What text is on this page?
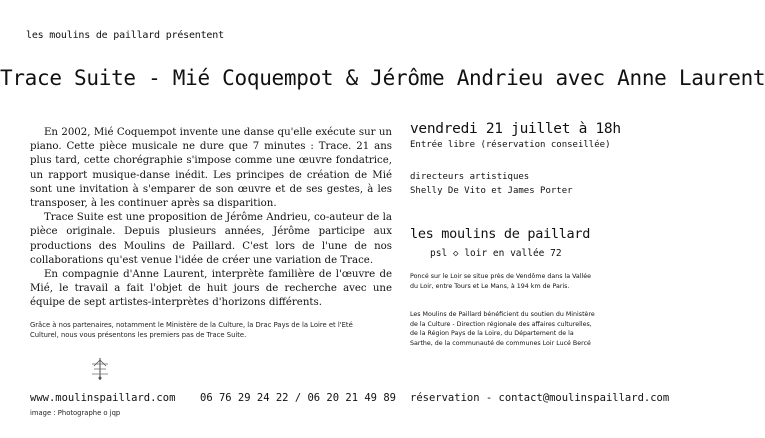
les moulins de paillard présentent
Trace Suite - Mié Coquempot & Jérôme Andrieu avec Anne Laurent

En 2002, Mié Coquempot invente une danse qu'elle exécute sur un piano. Cette pièce musicale ne dure que 7 minutes : Trace. 21 ans plus tard, cette chorégraphie s'impose comme une œuvre fondatrice, un rapport musique-danse inédit. Les principes de création de Mié sont une invitation à s'emparer de son œuvre et de ses gestes, à les transposer, à les continuer après sa disparition.

Trace Suite est une proposition de Jérôme Andrieu, co-auteur de la pièce originale. Depuis plusieurs années, Jérôme participe aux productions des Moulins de Paillard. C'est lors de l'une de nos collaborations qu'est venue l'idée de créer une variation de Trace.

En compagnie d'Anne Laurent, interprète familière de l'œuvre de Mié, le travail a fait l'objet de huit jours de recherche avec une équipe de sept artistes-interprètes d'horizons différents.

Grâce à nos partenaires, notamment le Ministère de la Culture, la Drac Pays de la Loire et l'Eté Culturel, nous vous présentons les premiers pas de Trace Suite.
www.moulinspaillard.com 06 76 29 24 22 / 06 20 21 49 89 réservation - contact@moulinspaillard.com
image : Photographe o jqp
vendredi 21 juillet à 18h
Entrée libre (réservation conseillée)
directeurs artistiques
Shelly De Vito et James Porter
les moulins de paillard
psl ◇ loir en vallée 72
Poncé sur le Loir se situe près de Vendôme dans la Vallée du Loir, entre Tours et Le Mans, à 194 km de Paris.
Les Moulins de Paillard bénéficient du soutien du Ministère de la Culture - Direction régionale des affaires culturelles, de la Région Pays de la Loire, du Département de la Sarthe, de la communauté de communes Loir Lucé Bercé
